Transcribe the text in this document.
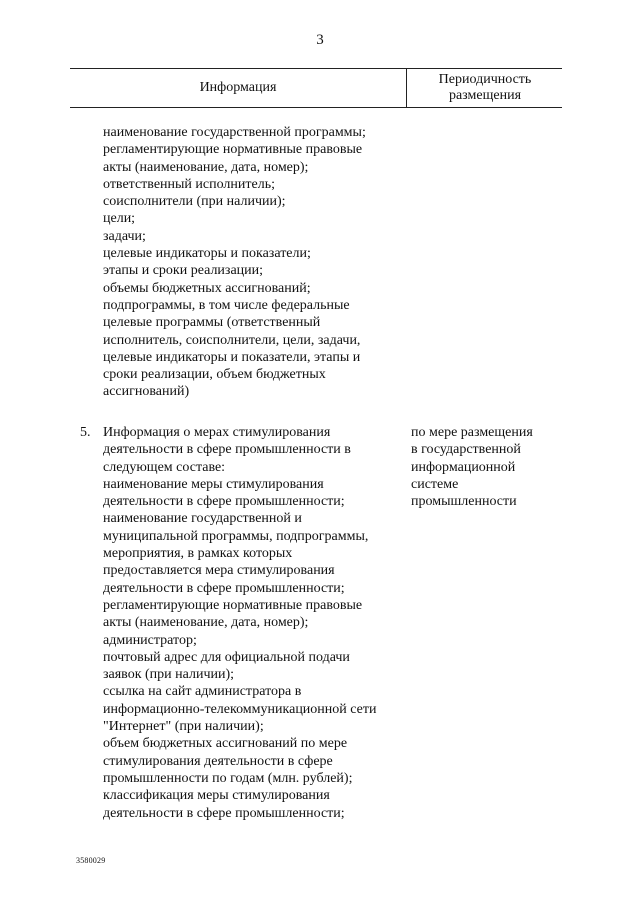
3
Информация
Периодичность
размещения
наименование государственной программы;
регламентирующие нормативные правовые
акты (наименование, дата, номер);
ответственный исполнитель;
соисполнители (при наличии);
цели;
задачи;
целевые индикаторы и показатели;
этапы и сроки реализации;
объемы бюджетных ассигнований;
подпрограммы, в том числе федеральные
целевые программы (ответственный
исполнитель, соисполнители, цели, задачи,
целевые индикаторы и показатели, этапы и
сроки реализации, объем бюджетных
ассигнований)
5. Информация о мерах стимулирования
деятельности в сфере промышленности в
следующем составе:
наименование меры стимулирования
деятельности в сфере промышленности;
наименование государственной и
муниципальной программы, подпрограммы,
мероприятия, в рамках которых
предоставляется мера стимулирования
деятельности в сфере промышленности;
регламентирующие нормативные правовые
акты (наименование, дата, номер);
администратор;
почтовый адрес для официальной подачи
заявок (при наличии);
ссылка на сайт администратора в
информационно-телекоммуникационной сети
"Интернет" (при наличии);
объем бюджетных ассигнований по мере
стимулирования деятельности в сфере
промышленности по годам (млн. рублей);
классификация меры стимулирования
деятельности в сфере промышленности;
по мере размещения
в государственной
информационной
системе
промышленности
3580029
